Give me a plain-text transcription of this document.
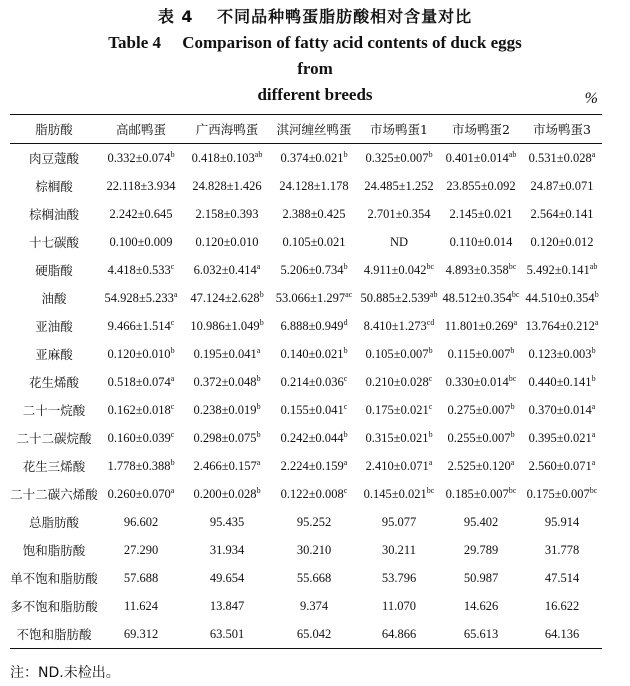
表 4　 不同品种鸭蛋脂肪酸相对含量对比
Table 4　 Comparison of fatty acid contents of duck eggs from
different breeds	%
脂肪酸	高邮鸭蛋	广西海鸭蛋	淇河缠丝鸭蛋	市场鸭蛋1	市场鸭蛋2	市场鸭蛋3
肉豆蔻酸	0.332±0.074$^b$	0.418±0.103$^{ab}$	0.374±0.021$^b$	0.325±0.007$^b$	0.401±0.014$^{ab}$	0.531±0.028$^a$
棕榈酸	22.118±3.934	24.828±1.426	24.128±1.178	24.485±1.252	23.855±0.092	24.87±0.071
棕榈油酸	2.242±0.645	2.158±0.393	2.388±0.425	2.701±0.354	2.145±0.021	2.564±0.141
十七碳酸	0.100±0.009	0.120±0.010	0.105±0.021	ND	0.110±0.014	0.120±0.012
硬脂酸	4.418±0.533$^c$	6.032±0.414$^a$	5.206±0.734$^b$	4.911±0.042$^{bc}$	4.893±0.358$^{bc}$	5.492±0.141$^{ab}$
油酸	54.928±5.233$^a$	47.124±2.628$^b$	53.066±1.297$^{ac}$	50.885±2.539$^{ab}$	48.512±0.354$^{bc}$	44.510±0.354$^b$
亚油酸	9.466±1.514$^c$	10.986±1.049$^b$	6.888±0.949$^d$	8.410±1.273$^{cd}$	11.801±0.269$^a$	13.764±0.212$^a$
亚麻酸	0.120±0.010$^b$	0.195±0.041$^a$	0.140±0.021$^b$	0.105±0.007$^b$	0.115±0.007$^b$	0.123±0.003$^b$
花生烯酸	0.518±0.074$^a$	0.372±0.048$^b$	0.214±0.036$^c$	0.210±0.028$^c$	0.330±0.014$^{bc}$	0.440±0.141$^b$
二十一烷酸	0.162±0.018$^c$	0.238±0.019$^b$	0.155±0.041$^c$	0.175±0.021$^c$	0.275±0.007$^b$	0.370±0.014$^a$
二十二碳烷酸	0.160±0.039$^c$	0.298±0.075$^b$	0.242±0.044$^b$	0.315±0.021$^b$	0.255±0.007$^b$	0.395±0.021$^a$
花生三烯酸	1.778±0.388$^b$	2.466±0.157$^a$	2.224±0.159$^a$	2.410±0.071$^a$	2.525±0.120$^a$	2.560±0.071$^a$
二十二碳六烯酸	0.260±0.070$^a$	0.200±0.028$^b$	0.122±0.008$^c$	0.145±0.021$^{bc}$	0.185±0.007$^{bc}$	0.175±0.007$^{bc}$
总脂肪酸	96.602	95.435	95.252	95.077	95.402	95.914
饱和脂肪酸	27.290	31.934	30.210	30.211	29.789	31.778
单不饱和脂肪酸	57.688	49.654	55.668	53.796	50.987	47.514
多不饱和脂肪酸	11.624	13.847	9.374	11.070	14.626	16.622
不饱和脂肪酸	69.312	63.501	65.042	64.866	65.613	64.136
注：ND.未检出。
